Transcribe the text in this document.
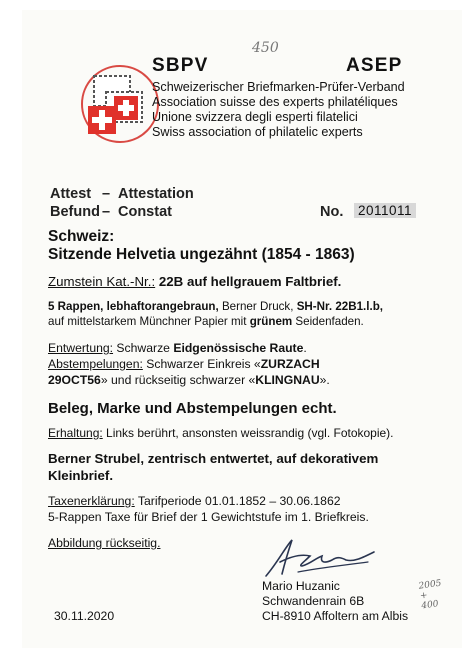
SBPV
450
ASEP
Schweizerischer Briefmarken-Prüfer-Verband
Association suisse des experts philatéliques
Unione svizzera degli esperti filatelici
Swiss association of philatelic experts
Attest – Attestation
Befund – Constat	No. 2011011
Schweiz:
Sitzende Helvetia ungezähnt (1854 - 1863)
Zumstein Kat.-Nr.: 22B auf hellgrauem Faltbrief.
5 Rappen, lebhaftorangebraun, Berner Druck, SH-Nr. 22B1.l.b,
auf mittelstarkem Münchner Papier mit grünem Seidenfaden.
Entwertung: Schwarze Eidgenössische Raute.
Abstempelungen: Schwarzer Einkreis «ZURZACH
29OCT56» und rückseitig schwarzer «KLINGNAU».
Beleg, Marke und Abstempelungen echt.
Erhaltung: Links berührt, ansonsten weissrandig (vgl. Fotokopie).
Berner Strubel, zentrisch entwertet, auf dekorativem
Kleinbrief.
Taxenerklärung: Tarifperiode 01.01.1852 – 30.06.1862
5-Rappen Taxe für Brief der 1 Gewichtstufe im 1. Briefkreis.
Abbildung rückseitig.
Mario Huzanic
Schwandenrain 6B
CH-8910 Affoltern am Albis
30.11.2020
2005 + 400
